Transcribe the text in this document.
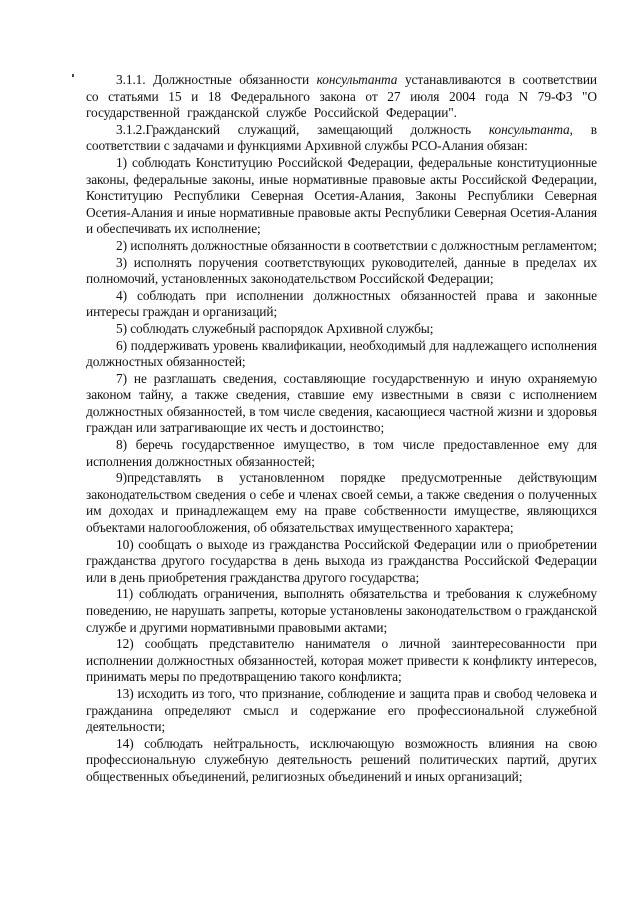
3.1.1. Должностные обязанности консультанта устанавливаются в соответствии со статьями 15 и 18 Федерального закона от 27 июля 2004 года N 79-ФЗ "О государственной гражданской службе Российской Федерации".

3.1.2.Гражданский служащий, замещающий должность консультанта, в соответствии с задачами и функциями Архивной службы РСО-Алания обязан:

1) соблюдать Конституцию Российской Федерации, федеральные конституционные законы, федеральные законы, иные нормативные правовые акты Российской Федерации, Конституцию Республики Северная Осетия-Алания, Законы Республики Северная Осетия-Алания и иные нормативные правовые акты Республики Северная Осетия-Алания и обеспечивать их исполнение;

2) исполнять должностные обязанности в соответствии с должностным регламентом;

3) исполнять поручения соответствующих руководителей, данные в пределах их полномочий, установленных законодательством Российской Федерации;

4) соблюдать при исполнении должностных обязанностей права и законные интересы граждан и организаций;

5) соблюдать служебный распорядок Архивной службы;

6) поддерживать уровень квалификации, необходимый для надлежащего исполнения должностных обязанностей;

7) не разглашать сведения, составляющие государственную и иную охраняемую законом тайну, а также сведения, ставшие ему известными в связи с исполнением должностных обязанностей, в том числе сведения, касающиеся частной жизни и здоровья граждан или затрагивающие их честь и достоинство;

8) беречь государственное имущество, в том числе предоставленное ему для исполнения должностных обязанностей;

9)представлять в установленном порядке предусмотренные действующим законодательством сведения о себе и членах своей семьи, а также сведения о полученных им доходах и принадлежащем ему на праве собственности имуществе, являющихся объектами налогообложения, об обязательствах имущественного характера;

10) сообщать о выходе из гражданства Российской Федерации или о приобретении гражданства другого государства в день выхода из гражданства Российской Федерации или в день приобретения гражданства другого государства;

11) соблюдать ограничения, выполнять обязательства и требования к служебному поведению, не нарушать запреты, которые установлены законодательством о гражданской службе и другими нормативными правовыми актами;

12) сообщать представителю нанимателя о личной заинтересованности при исполнении должностных обязанностей, которая может привести к конфликту интересов, принимать меры по предотвращению такого конфликта;

13) исходить из того, что признание, соблюдение и защита прав и свобод человека и гражданина определяют смысл и содержание его профессиональной служебной деятельности;

14) соблюдать нейтральность, исключающую возможность влияния на свою профессиональную служебную деятельность решений политических партий, других общественных объединений, религиозных объединений и иных организаций;
